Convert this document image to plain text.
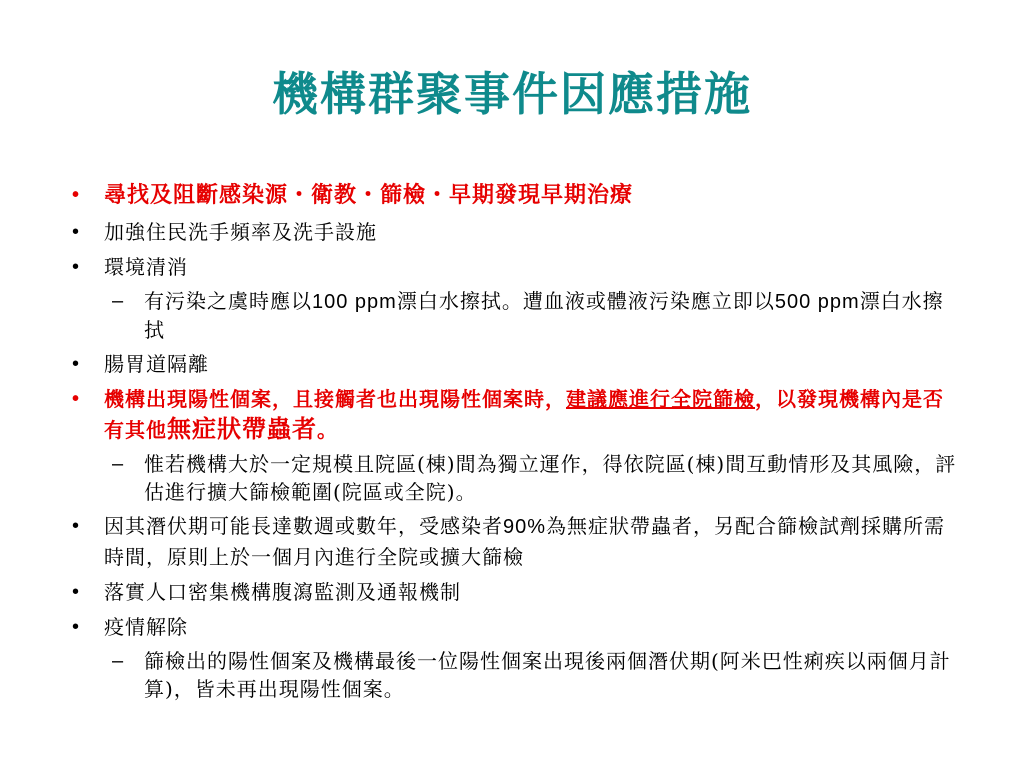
機構群聚事件因應措施
• 尋找及阻斷感染源・衛教・篩檢・早期發現早期治療
• 加強住民洗手頻率及洗手設施
• 環境清消
– 有污染之虞時應以100 ppm漂白水擦拭。遭血液或體液污染應立即以500 ppm漂白水擦拭
• 腸胃道隔離
• 機構出現陽性個案，且接觸者也出現陽性個案時，建議應進行全院篩檢，以發現機構內是否有其他無症狀帶蟲者。
– 惟若機構大於一定規模且院區(棟)間為獨立運作，得依院區(棟)間互動情形及其風險，評估進行擴大篩檢範圍(院區或全院)。
• 因其潛伏期可能長達數週或數年，受感染者90%為無症狀帶蟲者，另配合篩檢試劑採購所需時間，原則上於一個月內進行全院或擴大篩檢
• 落實人口密集機構腹瀉監測及通報機制
• 疫情解除
– 篩檢出的陽性個案及機構最後一位陽性個案出現後兩個潛伏期(阿米巴性痢疾以兩個月計算)，皆未再出現陽性個案。
